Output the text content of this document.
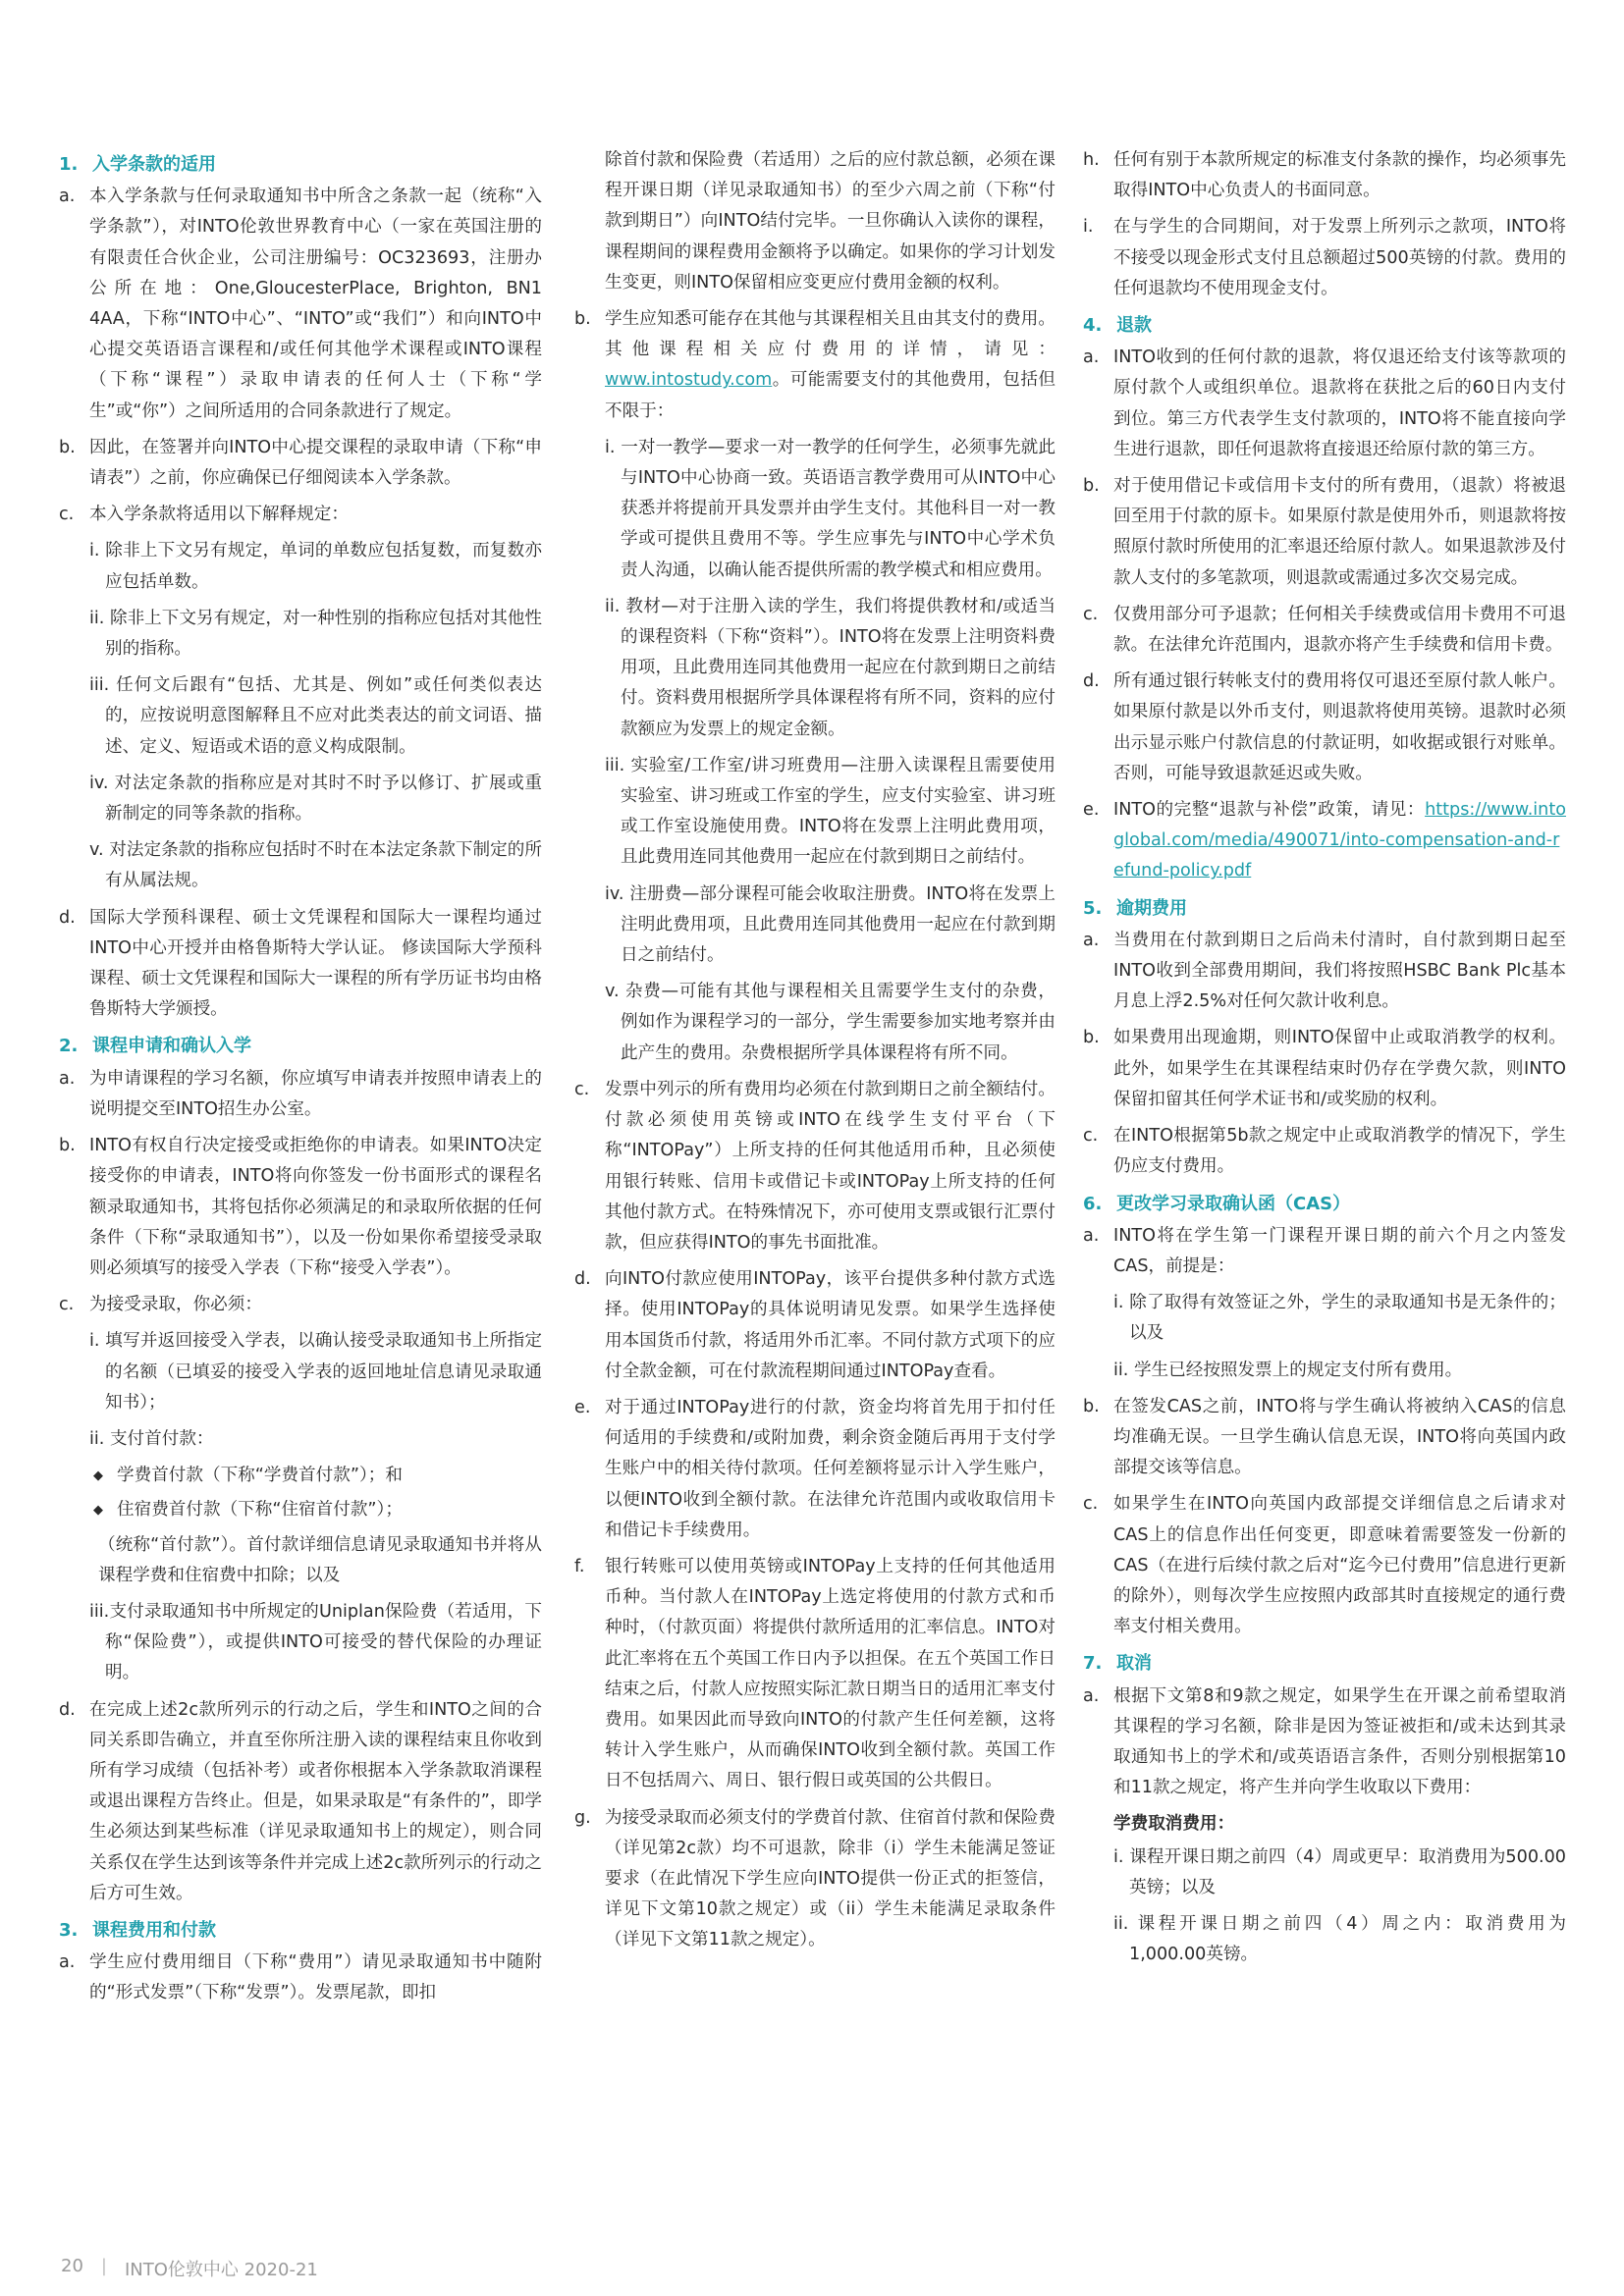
1. 入学条款的适用
a. 本入学条款与任何录取通知书中所含之条款一起（统称“入学条款”），对INTO伦敦世界教育中心（一家在英国注册的有限责任合伙企业，公司注册编号：OC323693，注册办公所在地：One,GloucesterPlace, Brighton, BN1 4AA，下称“INTO中心”、“INTO”或“我们”）和向INTO中心提交英语语言课程和/或任何其他学术课程或INTO课程（下称“课程”）录取申请表的任何人士（下称“学生”或“你”）之间所适用的合同条款进行了规定。
b. 因此，在签署并向INTO中心提交课程的录取申请（下称“申请表”）之前，你应确保已仔细阅读本入学条款。
c. 本入学条款将适用以下解释规定：
i. 除非上下文另有规定，单词的单数应包括复数，而复数亦应包括单数。
ii. 除非上下文另有规定，对一种性别的指称应包括对其他性别的指称。
iii. 任何文后跟有“包括、尤其是、例如”或任何类似表达的，应按说明意图解释且不应对此类表达的前文词语、描述、定义、短语或术语的意义构成限制。
iv. 对法定条款的指称应是对其时不时予以修订、扩展或重新制定的同等条款的指称。
v. 对法定条款的指称应包括时不时在本法定条款下制定的所有从属法规。
d. 国际大学预科课程、硕士文凭课程和国际大一课程均通过INTO中心开授并由格鲁斯特大学认证。 修读国际大学预科课程、硕士文凭课程和国际大一课程的所有学历证书均由格鲁斯特大学颁授。
2. 课程申请和确认入学
a. 为申请课程的学习名额，你应填写申请表并按照申请表上的说明提交至INTO招生办公室。
b. INTO有权自行决定接受或拒绝你的申请表。如果INTO决定接受你的申请表，INTO将向你签发一份书面形式的课程名额录取通知书，其将包括你必须满足的和录取所依据的任何条件（下称“录取通知书”），以及一份如果你希望接受录取则必须填写的接受入学表（下称“接受入学表”）。
c. 为接受录取，你必须：
i. 填写并返回接受入学表，以确认接受录取通知书上所指定的名额（已填妥的接受入学表的返回地址信息请见录取通知书）；
ii. 支付首付款：
◆ 学费首付款（下称“学费首付款”）；和
◆ 住宿费首付款（下称“住宿首付款”）；
（统称“首付款”）。首付款详细信息请见录取通知书并将从课程学费和住宿费中扣除；以及
iii.支付录取通知书中所规定的Uniplan保险费（若适用，下称“保险费”），或提供INTO可接受的替代保险的办理证明。
d. 在完成上述2c款所列示的行动之后，学生和INTO之间的合同关系即告确立，并直至你所注册入读的课程结束且你收到所有学习成绩（包括补考）或者你根据本入学条款取消课程或退出课程方告终止。但是，如果录取是“有条件的”，即学生必须达到某些标准（详见录取通知书上的规定），则合同关系仅在学生达到该等条件并完成上述2c款所列示的行动之后方可生效。
3. 课程费用和付款
a. 学生应付费用细目（下称“费用”）请见录取通知书中随附的“形式发票”（下称“发票”）。发票尾款，即扣
除首付款和保险费（若适用）之后的应付款总额，必须在课程开课日期（详见录取通知书）的至少六周之前（下称“付款到期日”）向INTO结付完毕。一旦你确认入读你的课程，课程期间的课程费用金额将予以确定。如果你的学习计划发生变更，则INTO保留相应变更应付费用金额的权利。
b. 学生应知悉可能存在其他与其课程相关且由其支付的费用。其他课程相关应付费用的详情，请见：www.intostudy.com。可能需要支付的其他费用，包括但不限于：
i. 一对一教学—要求一对一教学的任何学生，必须事先就此与INTO中心协商一致。英语语言教学费用可从INTO中心获悉并将提前开具发票并由学生支付。其他科目一对一教学或可提供且费用不等。学生应事先与INTO中心学术负责人沟通，以确认能否提供所需的教学模式和相应费用。
ii. 教材—对于注册入读的学生，我们将提供教材和/或适当的课程资料（下称“资料”）。INTO将在发票上注明资料费用项，且此费用连同其他费用一起应在付款到期日之前结付。资料费用根据所学具体课程将有所不同，资料的应付款额应为发票上的规定金额。
iii. 实验室/工作室/讲习班费用—注册入读课程且需要使用实验室、讲习班或工作室的学生，应支付实验室、讲习班或工作室设施使用费。INTO将在发票上注明此费用项，且此费用连同其他费用一起应在付款到期日之前结付。
iv. 注册费—部分课程可能会收取注册费。INTO将在发票上注明此费用项，且此费用连同其他费用一起应在付款到期日之前结付。
v. 杂费—可能有其他与课程相关且需要学生支付的杂费，例如作为课程学习的一部分，学生需要参加实地考察并由此产生的费用。杂费根据所学具体课程将有所不同。
c. 发票中列示的所有费用均必须在付款到期日之前全额结付。付款必须使用英镑或INTO在线学生支付平台（下称“INTOPay”）上所支持的任何其他适用币种，且必须使用银行转账、信用卡或借记卡或INTOPay上所支持的任何其他付款方式。在特殊情况下，亦可使用支票或银行汇票付款，但应获得INTO的事先书面批准。
d. 向INTO付款应使用INTOPay，该平台提供多种付款方式选择。使用INTOPay的具体说明请见发票。如果学生选择使用本国货币付款，将适用外币汇率。不同付款方式项下的应付全款金额，可在付款流程期间通过INTOPay查看。
e. 对于通过INTOPay进行的付款，资金均将首先用于扣付任何适用的手续费和/或附加费，剩余资金随后再用于支付学生账户中的相关待付款项。任何差额将显示计入学生账户，以便INTO收到全额付款。在法律允许范围内或收取信用卡和借记卡手续费用。
f.	银行转账可以使用英镑或INTOPay上支持的任何其他适用币种。当付款人在INTOPay上选定将使用的付款方式和币种时，（付款页面）将提供付款所适用的汇率信息。INTO对此汇率将在五个英国工作日内予以担保。在五个英国工作日结束之后，付款人应按照实际汇款日期当日的适用汇率支付费用。如果因此而导致向INTO的付款产生任何差额，这将转计入学生账户，从而确保INTO收到全额付款。英国工作日不包括周六、周日、银行假日或英国的公共假日。
g. 为接受录取而必须支付的学费首付款、住宿首付款和保险费（详见第2c款）均不可退款，除非（i）学生未能满足签证要求（在此情况下学生应向INTO提供一份正式的拒签信，详见下文第10款之规定）或（ii）学生未能满足录取条件（详见下文第11款之规定）。
h. 任何有别于本款所规定的标准支付条款的操作，均必须事先取得INTO中心负责人的书面同意。
i.	在与学生的合同期间，对于发票上所列示之款项，INTO将不接受以现金形式支付且总额超过500英镑的付款。费用的任何退款均不使用现金支付。
4. 退款
a. INTO收到的任何付款的退款，将仅退还给支付该等款项的原付款个人或组织单位。退款将在获批之后的60日内支付到位。第三方代表学生支付款项的，INTO将不能直接向学生进行退款，即任何退款将直接退还给原付款的第三方。
b. 对于使用借记卡或信用卡支付的所有费用，（退款）将被退回至用于付款的原卡。如果原付款是使用外币，则退款将按照原付款时所使用的汇率退还给原付款人。如果退款涉及付款人支付的多笔款项，则退款或需通过多次交易完成。
c. 仅费用部分可予退款；任何相关手续费或信用卡费用不可退款。在法律允许范围内，退款亦将产生手续费和信用卡费。
d. 所有通过银行转帐支付的费用将仅可退还至原付款人帐户。如果原付款是以外币支付，则退款将使用英镑。退款时必须出示显示账户付款信息的付款证明，如收据或银行对账单。否则，可能导致退款延迟或失败。
e. INTO的完整“退款与补偿”政策，请见：https://www.intoglobal.com/media/490071/into-compensation-and-refund-policy.pdf
5. 逾期费用
a. 当费用在付款到期日之后尚未付清时，自付款到期日起至INTO收到全部费用期间，我们将按照HSBC Bank Plc基本月息上浮2.5%对任何欠款计收利息。
b. 如果费用出现逾期，则INTO保留中止或取消教学的权利。此外，如果学生在其课程结束时仍存在学费欠款，则INTO保留扣留其任何学术证书和/或奖励的权利。
c. 在INTO根据第5b款之规定中止或取消教学的情况下，学生仍应支付费用。
6. 更改学习录取确认函（CAS）
a. INTO将在学生第一门课程开课日期的前六个月之内签发CAS，前提是：
i. 除了取得有效签证之外，学生的录取通知书是无条件的；以及
ii. 学生已经按照发票上的规定支付所有费用。
b. 在签发CAS之前，INTO将与学生确认将被纳入CAS的信息均准确无误。一旦学生确认信息无误，INTO将向英国内政部提交该等信息。
c. 如果学生在INTO向英国内政部提交详细信息之后请求对CAS上的信息作出任何变更，即意味着需要签发一份新的CAS（在进行后续付款之后对“迄今已付费用”信息进行更新的除外），则每次学生应按照内政部其时直接规定的通行费率支付相关费用。
7. 取消
a. 根据下文第8和9款之规定，如果学生在开课之前希望取消其课程的学习名额，除非是因为签证被拒和/或未达到其录取通知书上的学术和/或英语语言条件，否则分别根据第10和11款之规定，将产生并向学生收取以下费用：
学费取消费用：
i. 课程开课日期之前四（4）周或更早：取消费用为500.00英镑；以及
ii. 课程开课日期之前四（4）周之内：取消费用为1,000.00英镑。
20 | INTO伦敦中心 2020-21
